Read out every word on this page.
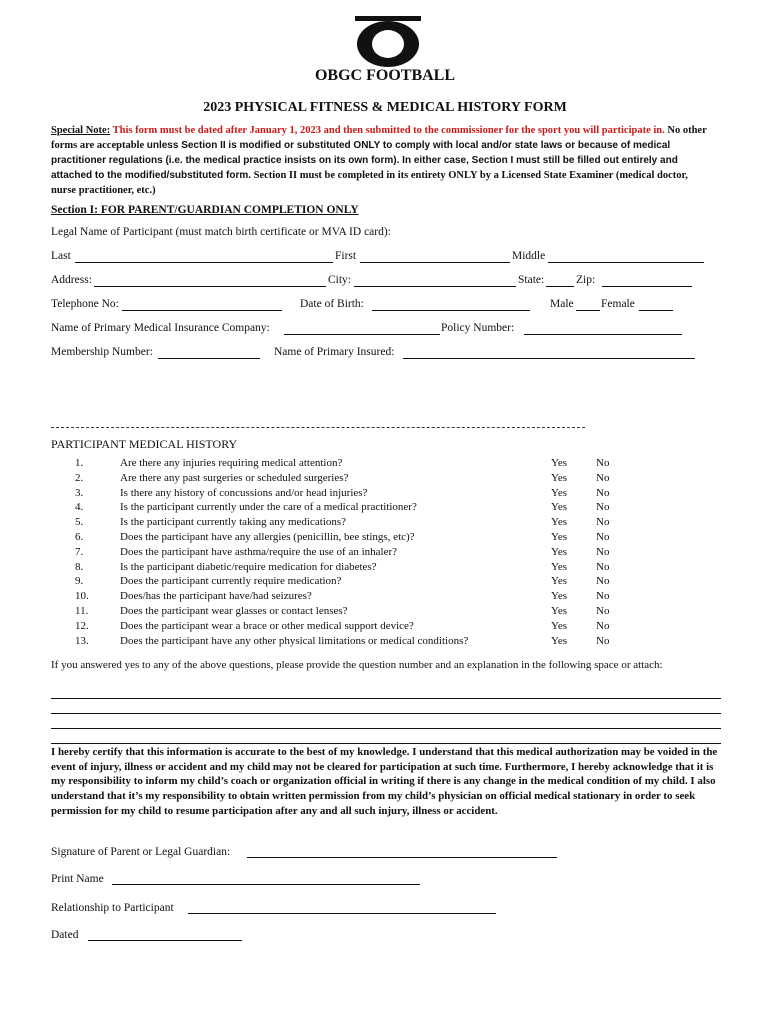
OBGC FOOTBALL
2023 PHYSICAL FITNESS & MEDICAL HISTORY FORM
Special Note: This form must be dated after January 1, 2023 and then submitted to the commissioner for the sport you will participate in. No other forms are acceptable unless Section II is modified or substituted ONLY to comply with local and/or state laws or because of medical practitioner regulations (i.e. the medical practice insists on its own form). In either case, Section I must still be filled out entirely and attached to the modified/substituted form. Section II must be completed in its entirety ONLY by a Licensed State Examiner (medical doctor, nurse practitioner, etc.)
Section I: FOR PARENT/GUARDIAN COMPLETION ONLY
Legal Name of Participant (must match birth certificate or MVA ID card):
Last	First	Middle
Address:	City:	State:	Zip:
Telephone No:	Date of Birth:	Male Female
Name of Primary Medical Insurance Company:	Policy Number:
Membership Number:	Name of Primary Insured:
PARTICIPANT MEDICAL HISTORY
1.	Are there any injuries requiring medical attention?	Yes	No
2.	Are there any past surgeries or scheduled surgeries?	Yes	No
3.	Is there any history of concussions and/or head injuries?	Yes	No
4.	Is the participant currently under the care of a medical practitioner?	Yes	No
5.	Is the participant currently taking any medications?	Yes	No
6.	Does the participant have any allergies (penicillin, bee stings, etc)?	Yes	No
7.	Does the participant have asthma/require the use of an inhaler?	Yes	No
8.	Is the participant diabetic/require medication for diabetes?	Yes	No
9.	Does the participant currently require medication?	Yes	No
10.	Does/has the participant have/had seizures?	Yes	No
11.	Does the participant wear glasses or contact lenses?	Yes	No
12.	Does the participant wear a brace or other medical support device?	Yes	No
13.	Does the participant have any other physical limitations or medical conditions?	Yes	No
If you answered yes to any of the above questions, please provide the question number and an explanation in the following space or attach:
I hereby certify that this information is accurate to the best of my knowledge. I understand that this medical authorization may be voided in the event of injury, illness or accident and my child may not be cleared for participation at such time. Furthermore, I hereby acknowledge that it is my responsibility to inform my child’s coach or organization official in writing if there is any change in the medical condition of my child. I also understand that it’s my responsibility to obtain written permission from my child’s physician on official medical stationary in order to seek permission for my child to resume participation after any and all such injury, illness or accident.
Signature of Parent or Legal Guardian:
Print Name
Relationship to Participant
Dated
